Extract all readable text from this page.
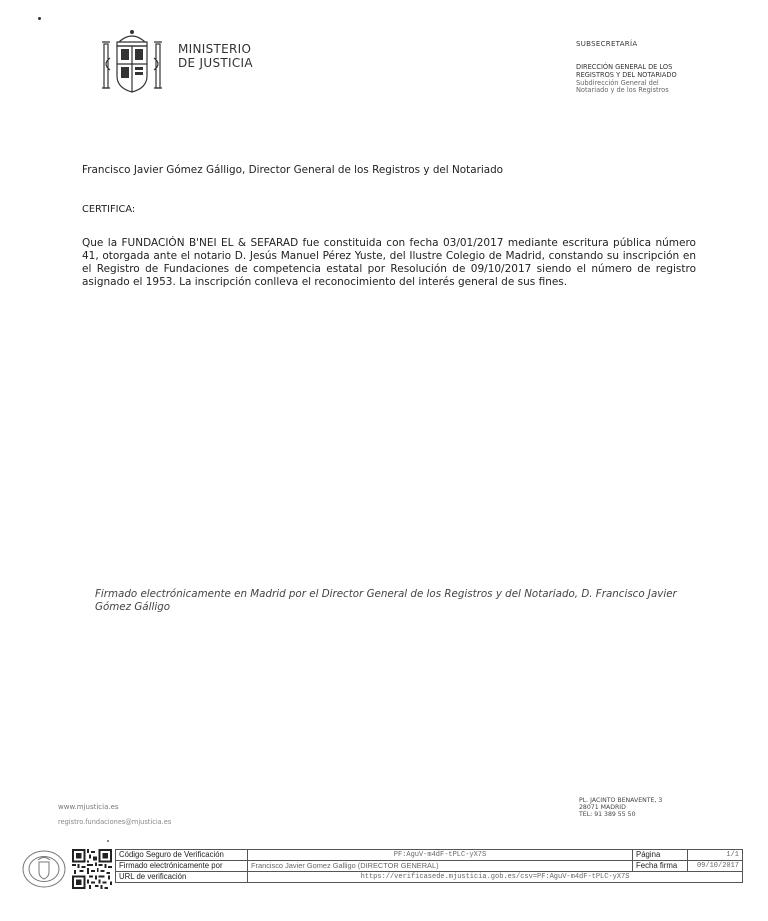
MINISTERIO
DE JUSTICIA
SUBSECRETARÍA
DIRECCIÓN GENERAL DE LOS
REGISTROS Y DEL NOTARIADO
Subdirección General del
Notariado y de los Registros
Francisco Javier Gómez Gálligo, Director General de los Registros y del Notariado
CERTIFICA:
Que la FUNDACIÓN B'NEI EL & SEFARAD fue constituida con fecha 03/01/2017 mediante escritura pública número 41, otorgada ante el notario D. Jesús Manuel Pérez Yuste, del Ilustre Colegio de Madrid, constando su inscripción en el Registro de Fundaciones de competencia estatal por Resolución de 09/10/2017 siendo el número de registro asignado el 1953. La inscripción conlleva el reconocimiento del interés general de sus fines.
Firmado electrónicamente en Madrid por el Director General de los Registros y del Notariado, D. Francisco Javier Gómez Gálligo
www.mjusticia.es
registro.fundaciones@mjusticia.es
PL. JACINTO BENAVENTE, 3
28071 MADRID
TEL: 91 389 55 50
Código Seguro de Verificación	PF:AguV-m4dF-tPLC-yX7S	Página	1/1
Firmado electrónicamente por	Francisco Javier Gomez Galligo (DIRECTOR GENERAL)	Fecha firma	09/10/2017
URL de verificación	https://verificasede.mjusticia.gob.es/csv=PF:AguV-m4dF-tPLC-yX7S		
